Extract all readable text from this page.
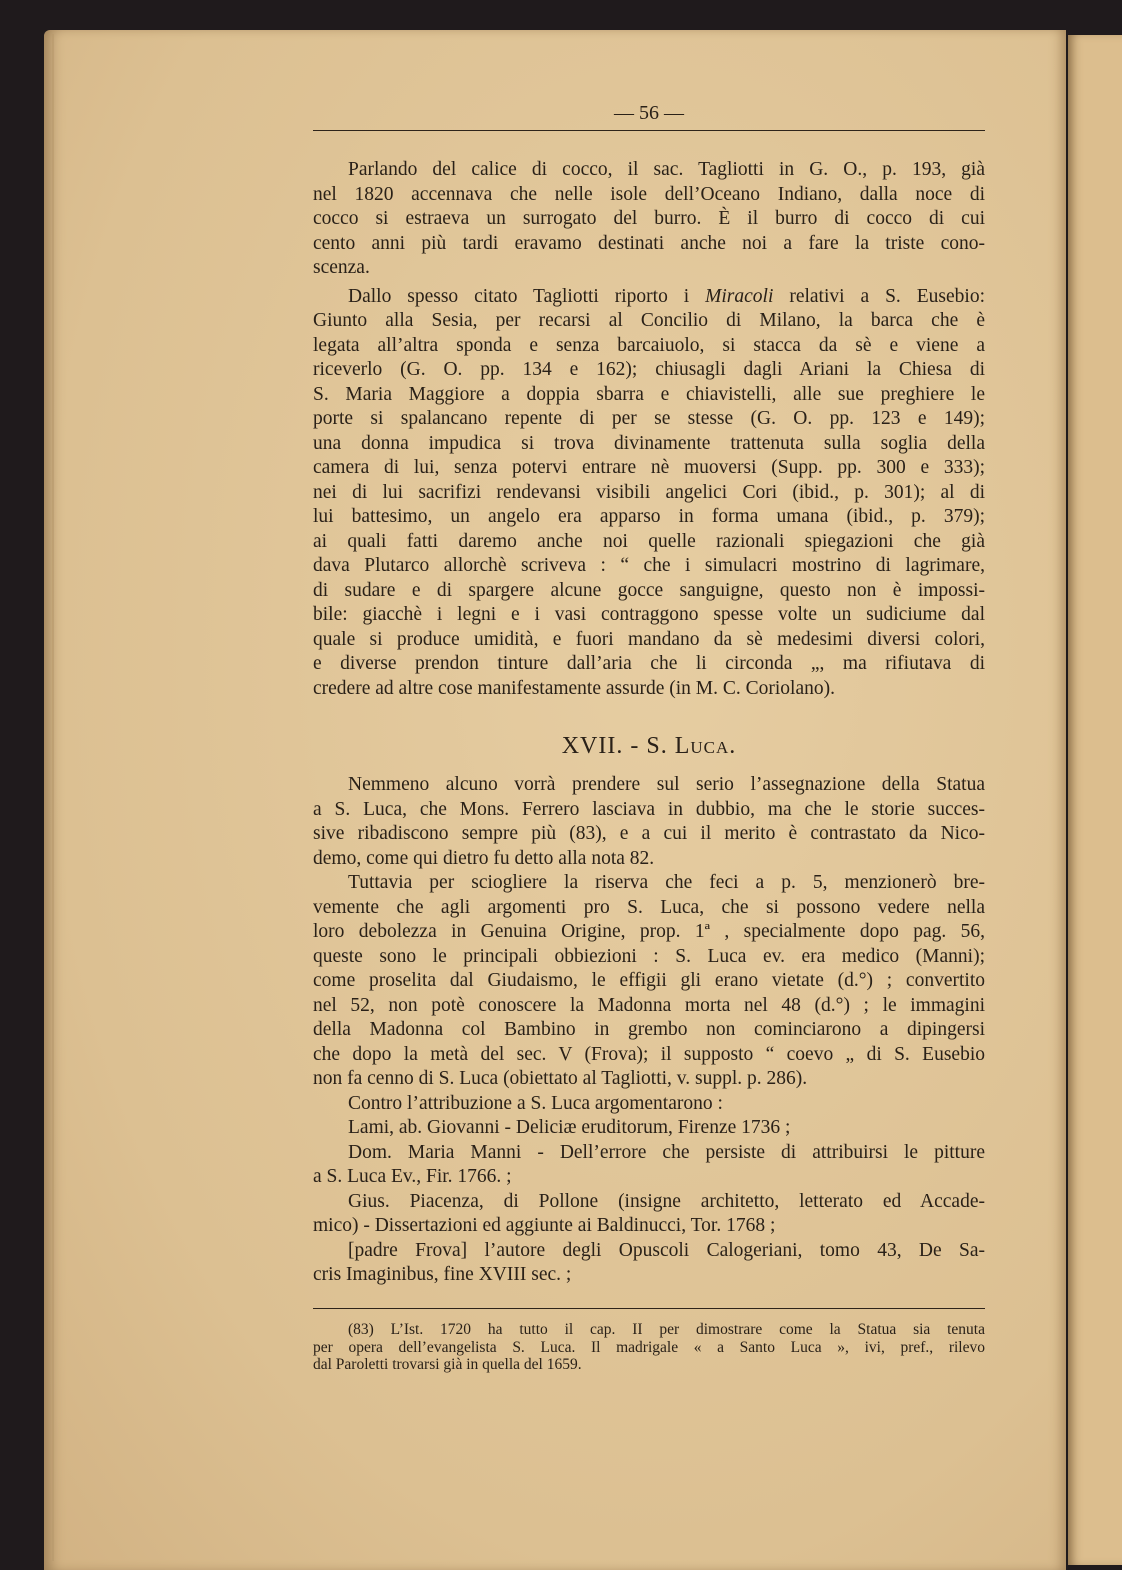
— 56 —
Parlando del calice di cocco, il sac. Tagliotti in G. O., p. 193, già
nel 1820 accennava che nelle isole dell’Oceano Indiano, dalla noce di
cocco si estraeva un surrogato del burro. È il burro di cocco di cui
cento anni più tardi eravamo destinati anche noi a fare la triste cono-
scenza.
Dallo spesso citato Tagliotti riporto i Miracoli relativi a S. Eusebio:
Giunto alla Sesia, per recarsi al Concilio di Milano, la barca che è
legata all’altra sponda e senza barcaiuolo, si stacca da sè e viene a
riceverlo (G. O. pp. 134 e 162); chiusagli dagli Ariani la Chiesa di
S. Maria Maggiore a doppia sbarra e chiavistelli, alle sue preghiere le
porte si spalancano repente di per se stesse (G. O. pp. 123 e 149);
una donna impudica si trova divinamente trattenuta sulla soglia della
camera di lui, senza potervi entrare nè muoversi (Supp. pp. 300 e 333);
nei di lui sacrifizi rendevansi visibili angelici Cori (ibid., p. 301); al di
lui battesimo, un angelo era apparso in forma umana (ibid., p. 379);
ai quali fatti daremo anche noi quelle razionali spiegazioni che già
dava Plutarco allorchè scriveva : “ che i simulacri mostrino di lagrimare,
di sudare e di spargere alcune gocce sanguigne, questo non è impossi-
bile: giacchè i legni e i vasi contraggono spesse volte un sudiciume dal
quale si produce umidità, e fuori mandano da sè medesimi diversi colori,
e diverse prendon tinture dall’aria che li circonda „, ma rifiutava di
credere ad altre cose manifestamente assurde (in M. C. Coriolano).
XVII. - S. Luca.
Nemmeno alcuno vorrà prendere sul serio l’assegnazione della Statua
a S. Luca, che Mons. Ferrero lasciava in dubbio, ma che le storie succes-
sive ribadiscono sempre più (83), e a cui il merito è contrastato da Nico-
demo, come qui dietro fu detto alla nota 82.
Tuttavia per sciogliere la riserva che feci a p. 5, menzionerò bre-
vemente che agli argomenti pro S. Luca, che si possono vedere nella
loro debolezza in Genuina Origine, prop. 1ª , specialmente dopo pag. 56,
queste sono le principali obbiezioni : S. Luca ev. era medico (Manni);
come proselita dal Giudaismo, le effigii gli erano vietate (d.°) ; convertito
nel 52, non potè conoscere la Madonna morta nel 48 (d.°) ; le immagini
della Madonna col Bambino in grembo non cominciarono a dipingersi
che dopo la metà del sec. V (Frova); il supposto “ coevo „ di S. Eusebio
non fa cenno di S. Luca (obiettato al Tagliotti, v. suppl. p. 286).
Contro l’attribuzione a S. Luca argomentarono :
Lami, ab. Giovanni - Deliciæ eruditorum, Firenze 1736 ;
Dom. Maria Manni - Dell’errore che persiste di attribuirsi le pitture
a S. Luca Ev., Fir. 1766. ;
Gius. Piacenza, di Pollone (insigne architetto, letterato ed Accade-
mico) - Dissertazioni ed aggiunte ai Baldinucci, Tor. 1768 ;
[padre Frova] l’autore degli Opuscoli Calogeriani, tomo 43, De Sa-
cris Imaginibus, fine XVIII sec. ;
(83) L’Ist. 1720 ha tutto il cap. II per dimostrare come la Statua sia tenuta
per opera dell’evangelista S. Luca. Il madrigale « a Santo Luca », ivi, pref., rilevo
dal Paroletti trovarsi già in quella del 1659.
